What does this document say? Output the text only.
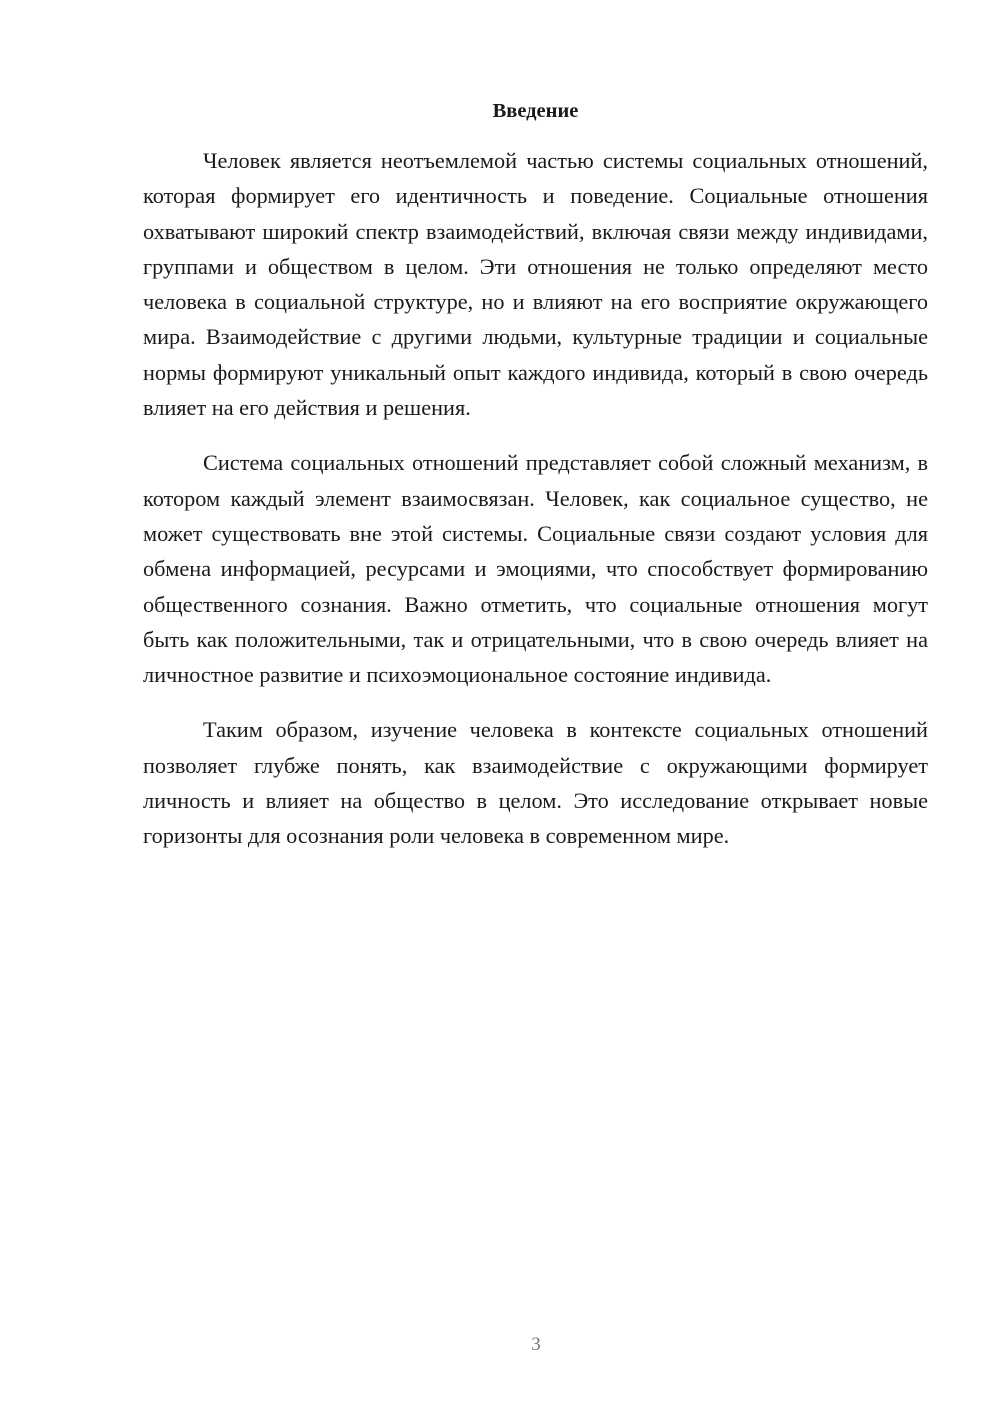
Введение

Человек является неотъемлемой частью системы социальных отношений, которая формирует его идентичность и поведение. Социальные отношения охватывают широкий спектр взаимодействий, включая связи между индивидами, группами и обществом в целом. Эти отношения не только определяют место человека в социальной структуре, но и влияют на его восприятие окружающего мира. Взаимодействие с другими людьми, культурные традиции и социальные нормы формируют уникальный опыт каждого индивида, который в свою очередь влияет на его действия и решения.

Система социальных отношений представляет собой сложный механизм, в котором каждый элемент взаимосвязан. Человек, как социальное существо, не может существовать вне этой системы. Социальные связи создают условия для обмена информацией, ресурсами и эмоциями, что способствует формированию общественного сознания. Важно отметить, что социальные отношения могут быть как положительными, так и отрицательными, что в свою очередь влияет на личностное развитие и психоэмоциональное состояние индивида.

Таким образом, изучение человека в контексте социальных отношений позволяет глубже понять, как взаимодействие с окружающими формирует личность и влияет на общество в целом. Это исследование открывает новые горизонты для осознания роли человека в современном мире.

3
